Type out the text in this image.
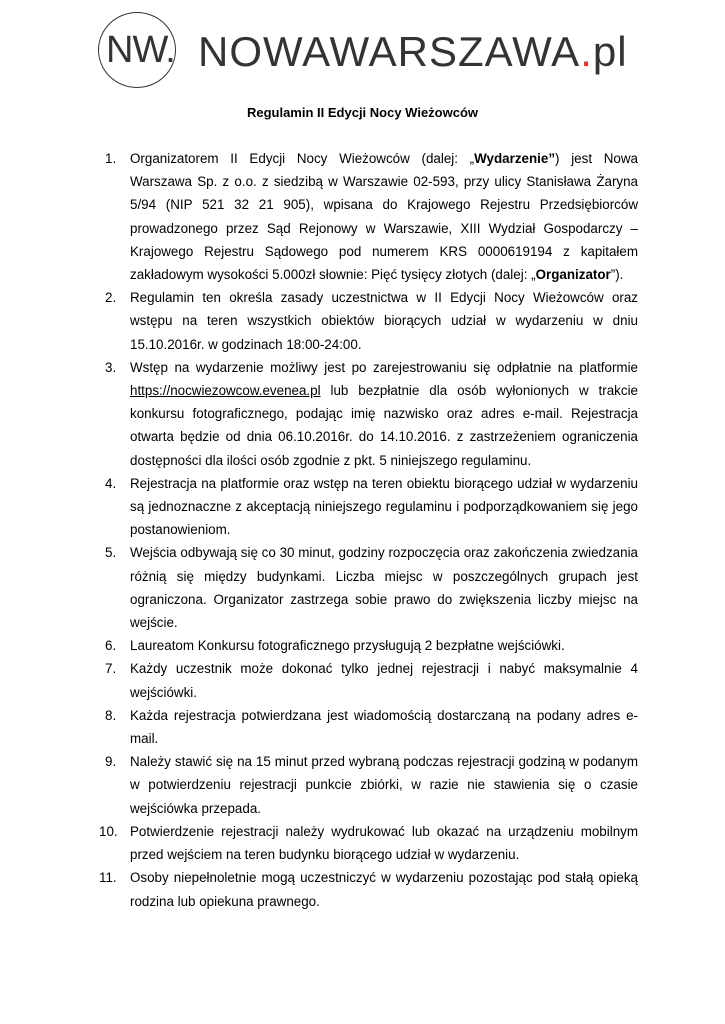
NW. NOWAWARSZAWA.pl
Regulamin II Edycji Nocy Wieżowców
1. Organizatorem II Edycji Nocy Wieżowców (dalej: „Wydarzenie”) jest Nowa Warszawa Sp. z o.o. z siedzibą w Warszawie 02-593, przy ulicy Stanisława Żaryna 5/94 (NIP 521 32 21 905), wpisana do Krajowego Rejestru Przedsiębiorców prowadzonego przez Sąd Rejonowy w Warszawie, XIII Wydział Gospodarczy – Krajowego Rejestru Sądowego pod numerem KRS 0000619194 z kapitałem zakładowym wysokości 5.000zł słownie: Pięć tysięcy złotych (dalej: „Organizator”).
2. Regulamin ten określa zasady uczestnictwa w II Edycji Nocy Wieżowców oraz wstępu na teren wszystkich obiektów biorących udział w wydarzeniu w dniu 15.10.2016r. w godzinach 18:00-24:00.
3. Wstęp na wydarzenie możliwy jest po zarejestrowaniu się odpłatnie na platformie https://nocwiezowcow.evenea.pl lub bezpłatnie dla osób wyłonionych w trakcie konkursu fotograficznego, podając imię nazwisko oraz adres e-mail. Rejestracja otwarta będzie od dnia 06.10.2016r. do 14.10.2016. z zastrzeżeniem ograniczenia dostępności dla ilości osób zgodnie z pkt. 5 niniejszego regulaminu.
4. Rejestracja na platformie oraz wstęp na teren obiektu biorącego udział w wydarzeniu są jednoznaczne z akceptacją niniejszego regulaminu i podporządkowaniem się jego postanowieniom.
5. Wejścia odbywają się co 30 minut, godziny rozpoczęcia oraz zakończenia zwiedzania różnią się między budynkami. Liczba miejsc w poszczególnych grupach jest ograniczona. Organizator zastrzega sobie prawo do zwiększenia liczby miejsc na wejście.
6. Laureatom Konkursu fotograficznego przysługują 2 bezpłatne wejściówki.
7. Każdy uczestnik może dokonać tylko jednej rejestracji i nabyć maksymalnie 4 wejściówki.
8. Każda rejestracja potwierdzana jest wiadomością dostarczaną na podany adres e-mail.
9. Należy stawić się na 15 minut przed wybraną podczas rejestracji godziną w podanym w potwierdzeniu rejestracji punkcie zbiórki, w razie nie stawienia się o czasie wejściówka przepada.
10. Potwierdzenie rejestracji należy wydrukować lub okazać na urządzeniu mobilnym przed wejściem na teren budynku biorącego udział w wydarzeniu.
11. Osoby niepełnoletnie mogą uczestniczyć w wydarzeniu pozostając pod stałą opieką rodzina lub opiekuna prawnego.
